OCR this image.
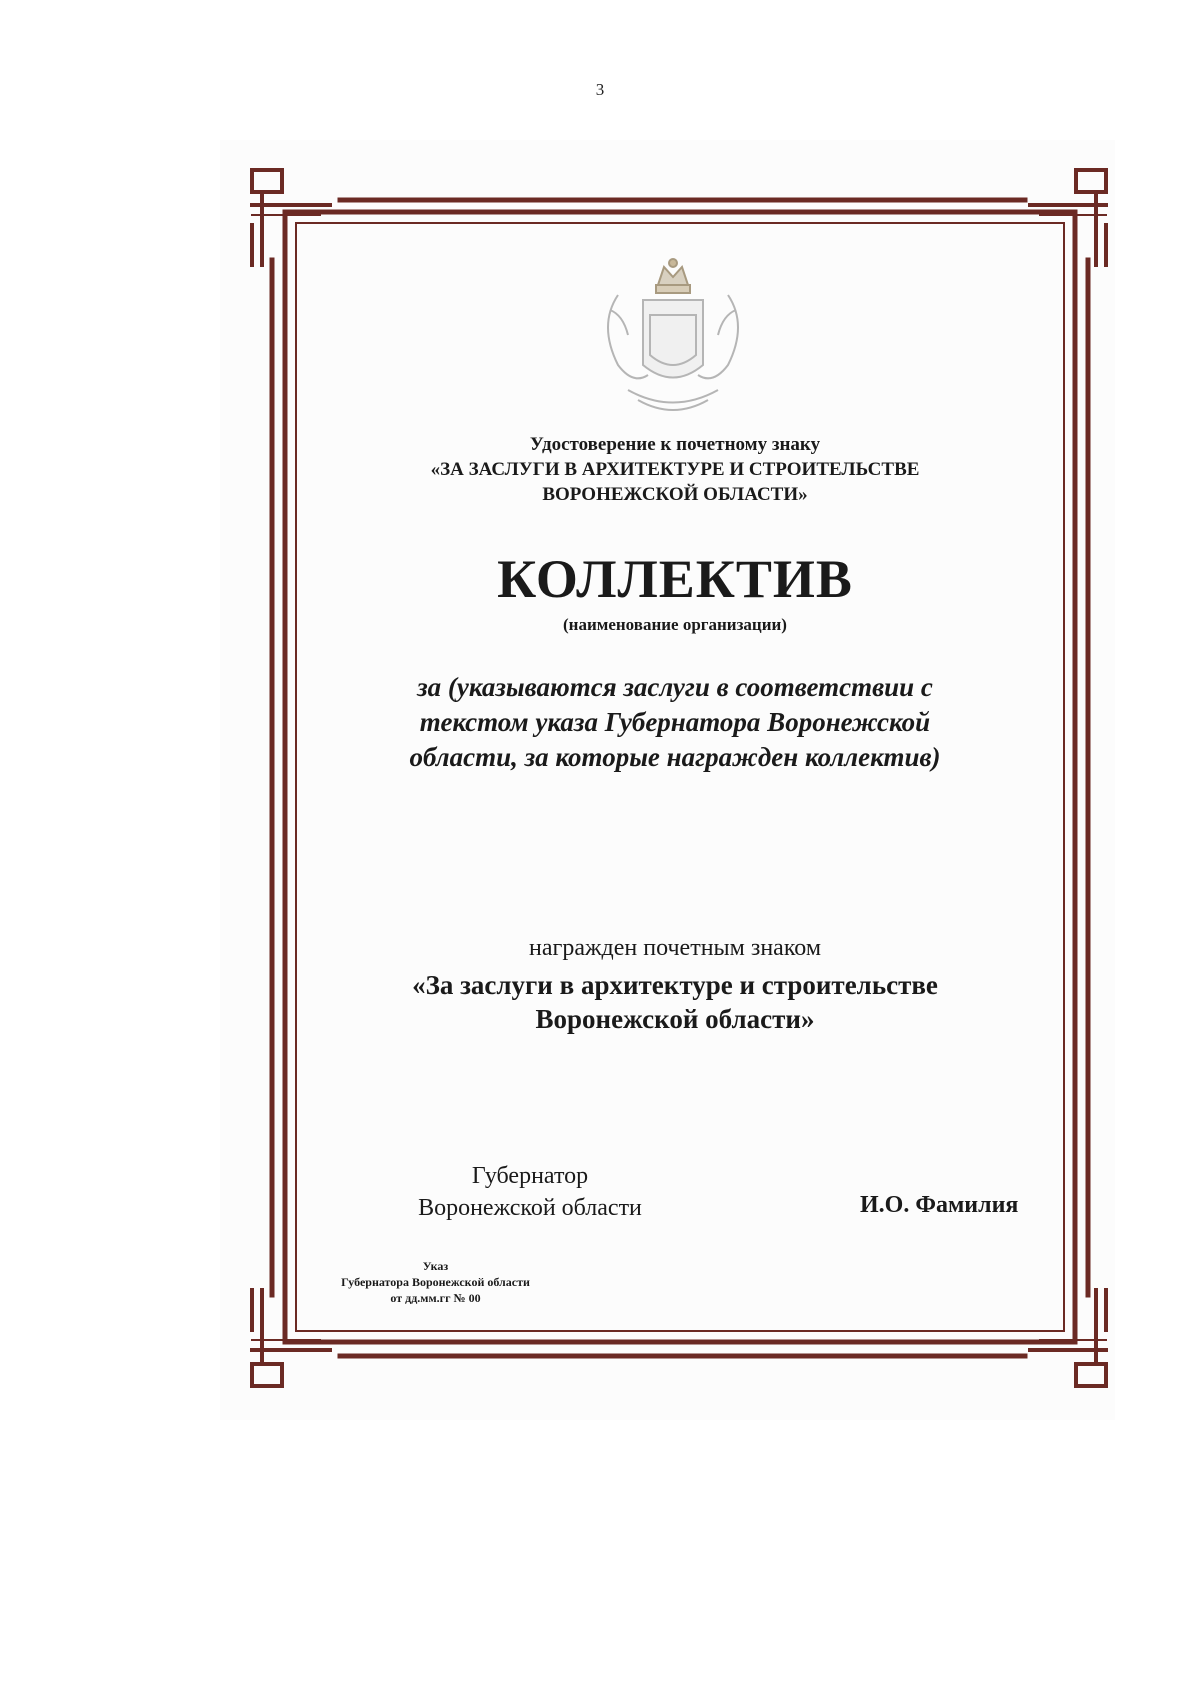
3
Удостоверение к почетному знаку
«ЗА ЗАСЛУГИ В АРХИТЕКТУРЕ И СТРОИТЕЛЬСТВЕ
ВОРОНЕЖСКОЙ ОБЛАСТИ»
КОЛЛЕКТИВ
(наименование организации)
за (указываются заслуги в соответствии с
текстом указа Губернатора Воронежской
области, за которые награжден коллектив)
награжден почетным знаком
«За заслуги в архитектуре и строительстве
Воронежской области»
Губернатор
Воронежской области	И.О. Фамилия
Указ
Губернатора Воронежской области
от дд.мм.гг № 00
